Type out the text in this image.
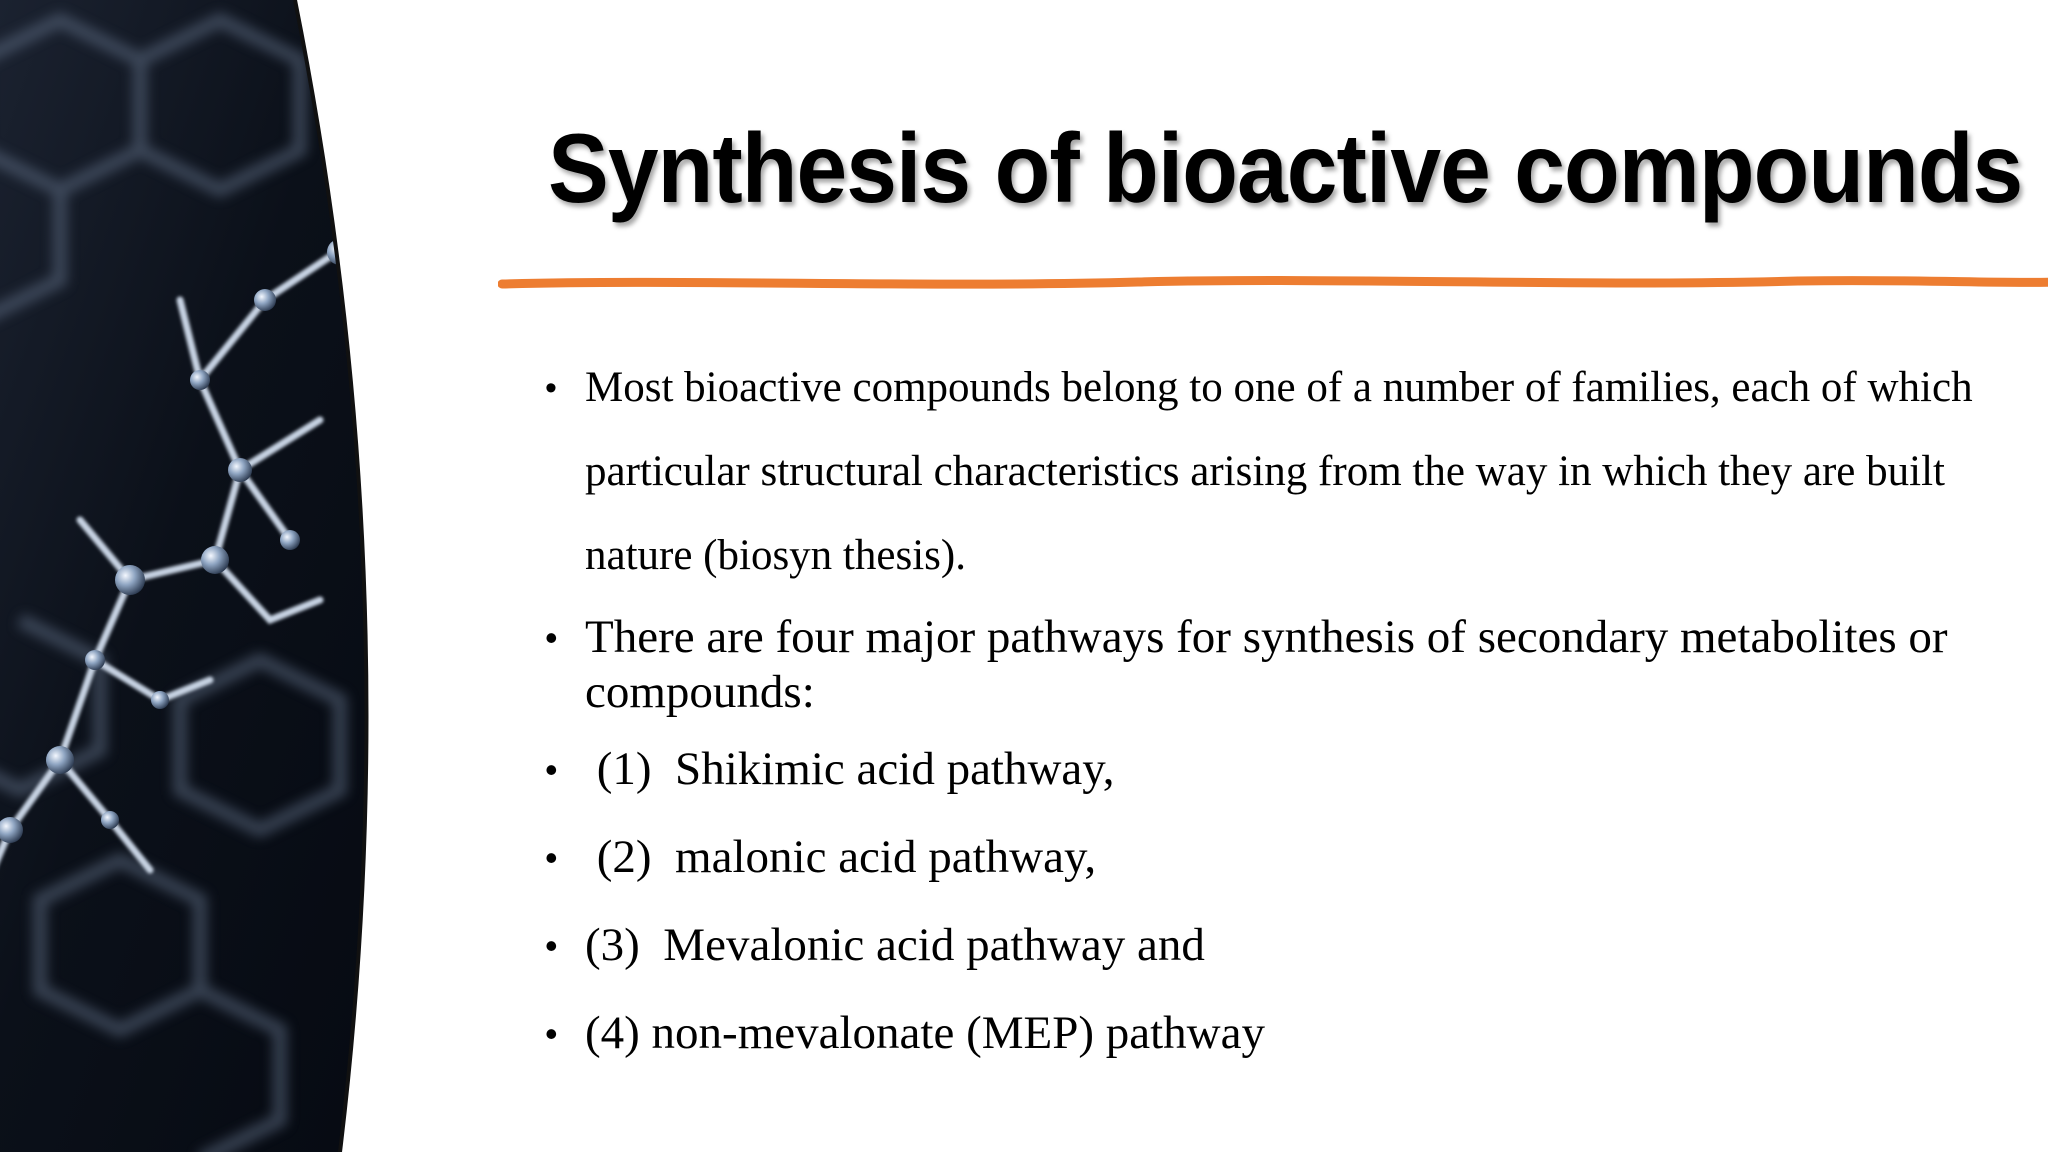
Synthesis of bioactive compounds
• Most bioactive compounds belong to one of a number of families, each of which
particular structural characteristics arising from the way in which they are built
nature (biosyn thesis).
• There are four major pathways for synthesis of secondary metabolites or
compounds:
• (1)  Shikimic acid pathway,
• (2)  malonic acid pathway,
• (3)  Mevalonic acid pathway and
• (4) non-mevalonate (MEP) pathway
